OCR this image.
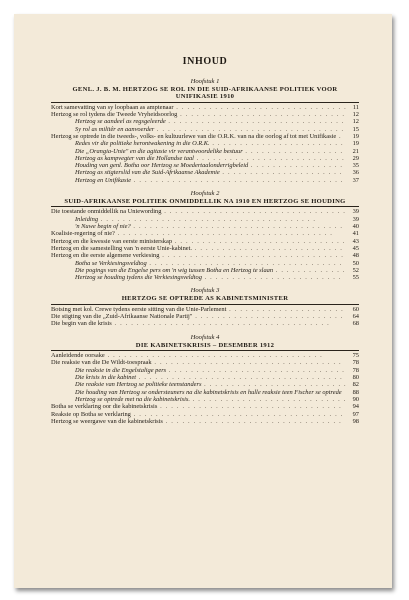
INHOUD
Hoofstuk 1
GENL. J. B. M. HERTZOG SE ROL IN DIE SUID-AFRIKAANSE POLITIEK VOOR UNIFIKASIE 1910
Kort samevatting van sy loopbaan as amptenaar . . . . . . . . . . . . . . . . . . . . . . . . . . . . . . . 11
Hertzog se rol tydens die Tweede Vryheidsoorlog . . . . . . . . . . . . . . . . . . . . . . . . . . . . . .	12
Hertzog se aandeel as regsgeleerde . . . . . . . . . . . . . . . . . . . . . . . . . . . . . . . .	12
Sy rol as militêr en aanvoerder . . . . . . . . . . . . . . . . . . . . . . . . . . . . . . . . . .	15
Hertzog se optrede in die tweeds-, volks- en kultuurlewe van die O.R.K. van na die oorlog af tot met Unifikasie .	19
Redes vir die politieke herontwakening in die O.R.K. . . . . . . . . . . . . . . . . . . . . . . . .	19
Die „Orangia-Unie" en die agitasie vir verantwoordelike bestuur . . . . . . . . . . . . . . . . . .	21
Hertzog as kampvegter van die Hollandse taal . . . . . . . . . . . . . . . . . . . . . . . . . . .	29
Houding van genl. Botha oor Hertzog se Moedertaalonderrigbeleid . . . . . . . . . . . . . . . . .	35
Hertzog as stigterslid van die Suid-Afrikaanse Akademie . . . . . . . . . . . . . . . . . . . . . .	36
Hertzog en Unifikasie . . . . . . . . . . . . . . . . . . . . . . . . . . . . . . . . . . . . . .	37
Hoofstuk 2
SUID-AFRIKAANSE POLITIEK ONMIDDELLIK NA 1910 EN HERTZOG SE HOUDING
Die toestande onmiddellik na Uniewording . . . . . . . . . . . . . . . . . . . . . . . . . . . . . . . . .	39
Inleiding . . . . . . . . . . . . . . . . . . . . . . . . . . . . . . . . . . . . . . .	39
'n Nuwe begin of nie? . . . . . . . . . . . . . . . . . . . . . . . . . . . . . . . . . . . . . .	40
Koalisie-regering of nie? . . . . . . . . . . . . . . . . . . . . . . . . . . . . . . . . . . . . . . .	41
Hertzog en die kwessie van eerste ministerskap . . . . . . . . . . . . . . . . . . . . . . . . . . . . . . .	43
Hertzog en die samestelling van 'n eerste Unie-kabinet. . . . . . . . . . . . . . . . . . . . . . . . . . . .	45
Hertzog en die eerste algemene verkiesing . . . . . . . . . . . . . . . . . . . . . . . . . . . . . . . . .	48
Botha se Verkiesingsveldtog . . . . . . . . . . . . . . . . . . . . . . . . . . . . . . . . . . .	50
Die pogings van die Engelse pers om 'n wig tussen Botha en Hertzog te slaan . . . . . . . . . . . . .	52
Hertzog se houding tydens die Verkiesingsveldtog . . . . . . . . . . . . . . . . . . . . . . . . .	55
Hoofstuk 3
HERTZOG SE OPTREDE AS KABINETSMINISTER
Botsing met kol. Crewe tydens eerste sitting van die Unie-Parlement . . . . . . . . . . . . . . . . . . . . .	60
Die stigting van die „Zuid-Afrikaanse Nationale Partij" . . . . . . . . . . . . . . . . . . . . . . . . . . .	64
Die begin van die krisis . . . . . . . . . . . . . . . . . . . . . . . . . . . . . . . . . . . . . . .	68
Hoofstuk 4
DIE KABINETSKRISIS – DESEMBER 1912
Aanleidende oorsake . . . . . . . . . . . . . . . . . . . . . . . . . . . . . . . . . . . . . . .	75
Die reaksie van die De Wildt-toespraak . . . . . . . . . . . . . . . . . . . . . . . . . . . . . . . . . .	78
Die reaksie in die Engelstalige pers . . . . . . . . . . . . . . . . . . . . . . . . . . . . . . . .	78
Die krisis in die kabinet . . . . . . . . . . . . . . . . . . . . . . . . . . . . . . . . . . . . .	80
Die reaksie van Hertzog se politieke teenstanders . . . . . . . . . . . . . . . . . . . . . . . . . . 82
Die houding van Hertzog se ondersteuners na die kabinetskrisis en hulle reaksie teen Fischer se optrede	88
Hertzog se optrede met na die kabinetskrisis. . . . . . . . . . . . . . . . . . . . . . . . . . . . . 90
Botha se verklaring oor die kabinetskrisis . . . . . . . . . . . . . . . . . . . . . . . . . . . . . . . . .	94
Reaksie op Botha se verklaring . . . . . . . . . . . . . . . . . . . . . . . . . . . . . . . . . . . . . .	97
Hertzog se weergawe van die kabinetskrisis . . . . . . . . . . . . . . . . . . . . . . . . . . . . . . . .	98
